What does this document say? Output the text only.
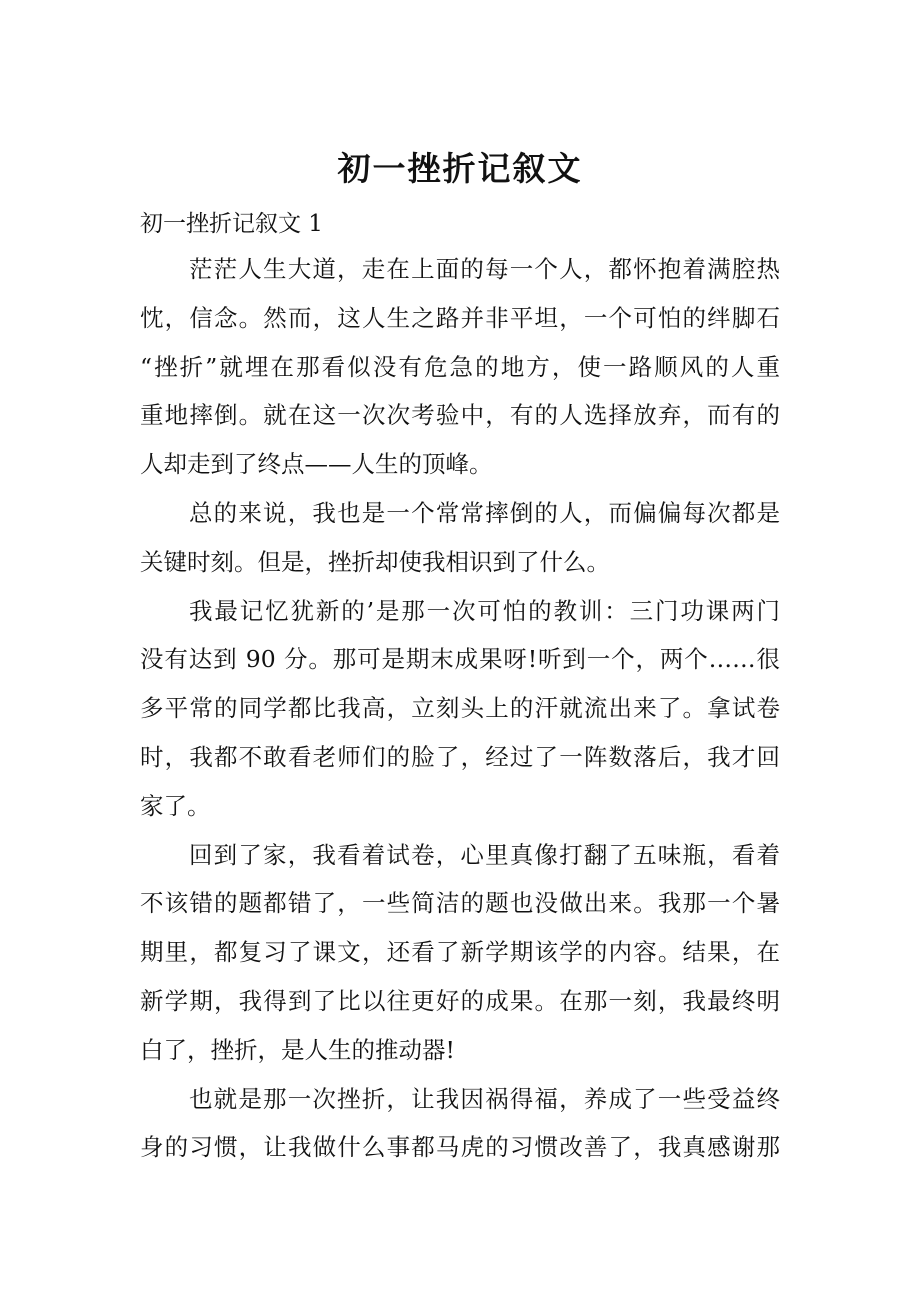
初一挫折记叙文
初一挫折记叙文 1
茫茫人生大道，走在上面的每一个人，都怀抱着满腔热
忱，信念。然而，这人生之路并非平坦，一个可怕的绊脚石
“挫折”就埋在那看似没有危急的地方，使一路顺风的人重
重地摔倒。就在这一次次考验中，有的人选择放弃，而有的
人却走到了终点——人生的顶峰。
总的来说，我也是一个常常摔倒的人，而偏偏每次都是
关键时刻。但是，挫折却使我相识到了什么。
我最记忆犹新的’是那一次可怕的教训：三门功课两门
没有达到 90 分。那可是期末成果呀!听到一个，两个……很
多平常的同学都比我高，立刻头上的汗就流出来了。拿试卷
时，我都不敢看老师们的脸了，经过了一阵数落后，我才回
家了。
回到了家，我看着试卷，心里真像打翻了五味瓶，看着
不该错的题都错了，一些简洁的题也没做出来。我那一个暑
期里，都复习了课文，还看了新学期该学的内容。结果，在
新学期，我得到了比以往更好的成果。在那一刻，我最终明
白了，挫折，是人生的推动器!
也就是那一次挫折，让我因祸得福，养成了一些受益终
身的习惯，让我做什么事都马虎的习惯改善了，我真感谢那
